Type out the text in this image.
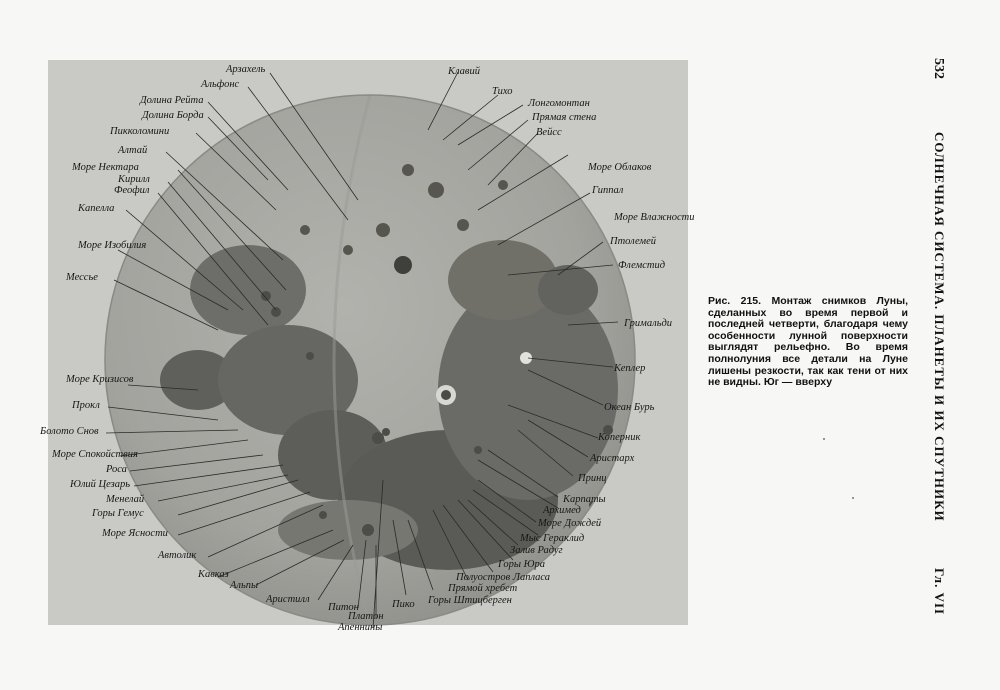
Арзахель
Альфонс
Долина Рейта
Долина Борда
Пикколомини
Алтай
Море Нектара
Кирилл
Феофил
Капелла
Море Изобилия
Мессье
Море Кризисов
Прокл
Болото Снов
Море Спокойствия
Роса
Юлий Цезарь
Менелай
Горы Гемус
Море Ясности
Автолик
Кавказ
Альпы
Аристилл
Питон
Платон
Апеннины
Пико Горы Штицберген
Прямой хребет
Полуостров Лапласа
Горы Юра
Залив Радуг
Мыс Гераклид
Море Дождей
Архимед
Карпаты
Принц
Аристарх
Коперник
Океан Бурь
Кеплер
Гримальди
Флемстид
Птолемей
Море Влажности
Гиппал
Море Облаков
Вейсс
Прямая стена
Лонгомонтан
Тихо
Клавий
Рис. 215. Монтаж снимков Луны, сделанных во время первой и последней четверти, благодаря чему особенности лунной поверхности выглядят рельефно. Во время полнолуния все детали на Луне лишены резкости, так как тени от них не видны. Юг — вверху
532
СОЛНЕЧНАЯ СИСТЕМА. ПЛАНЕТЫ И ИХ СПУТНИКИ
Гл. VII
